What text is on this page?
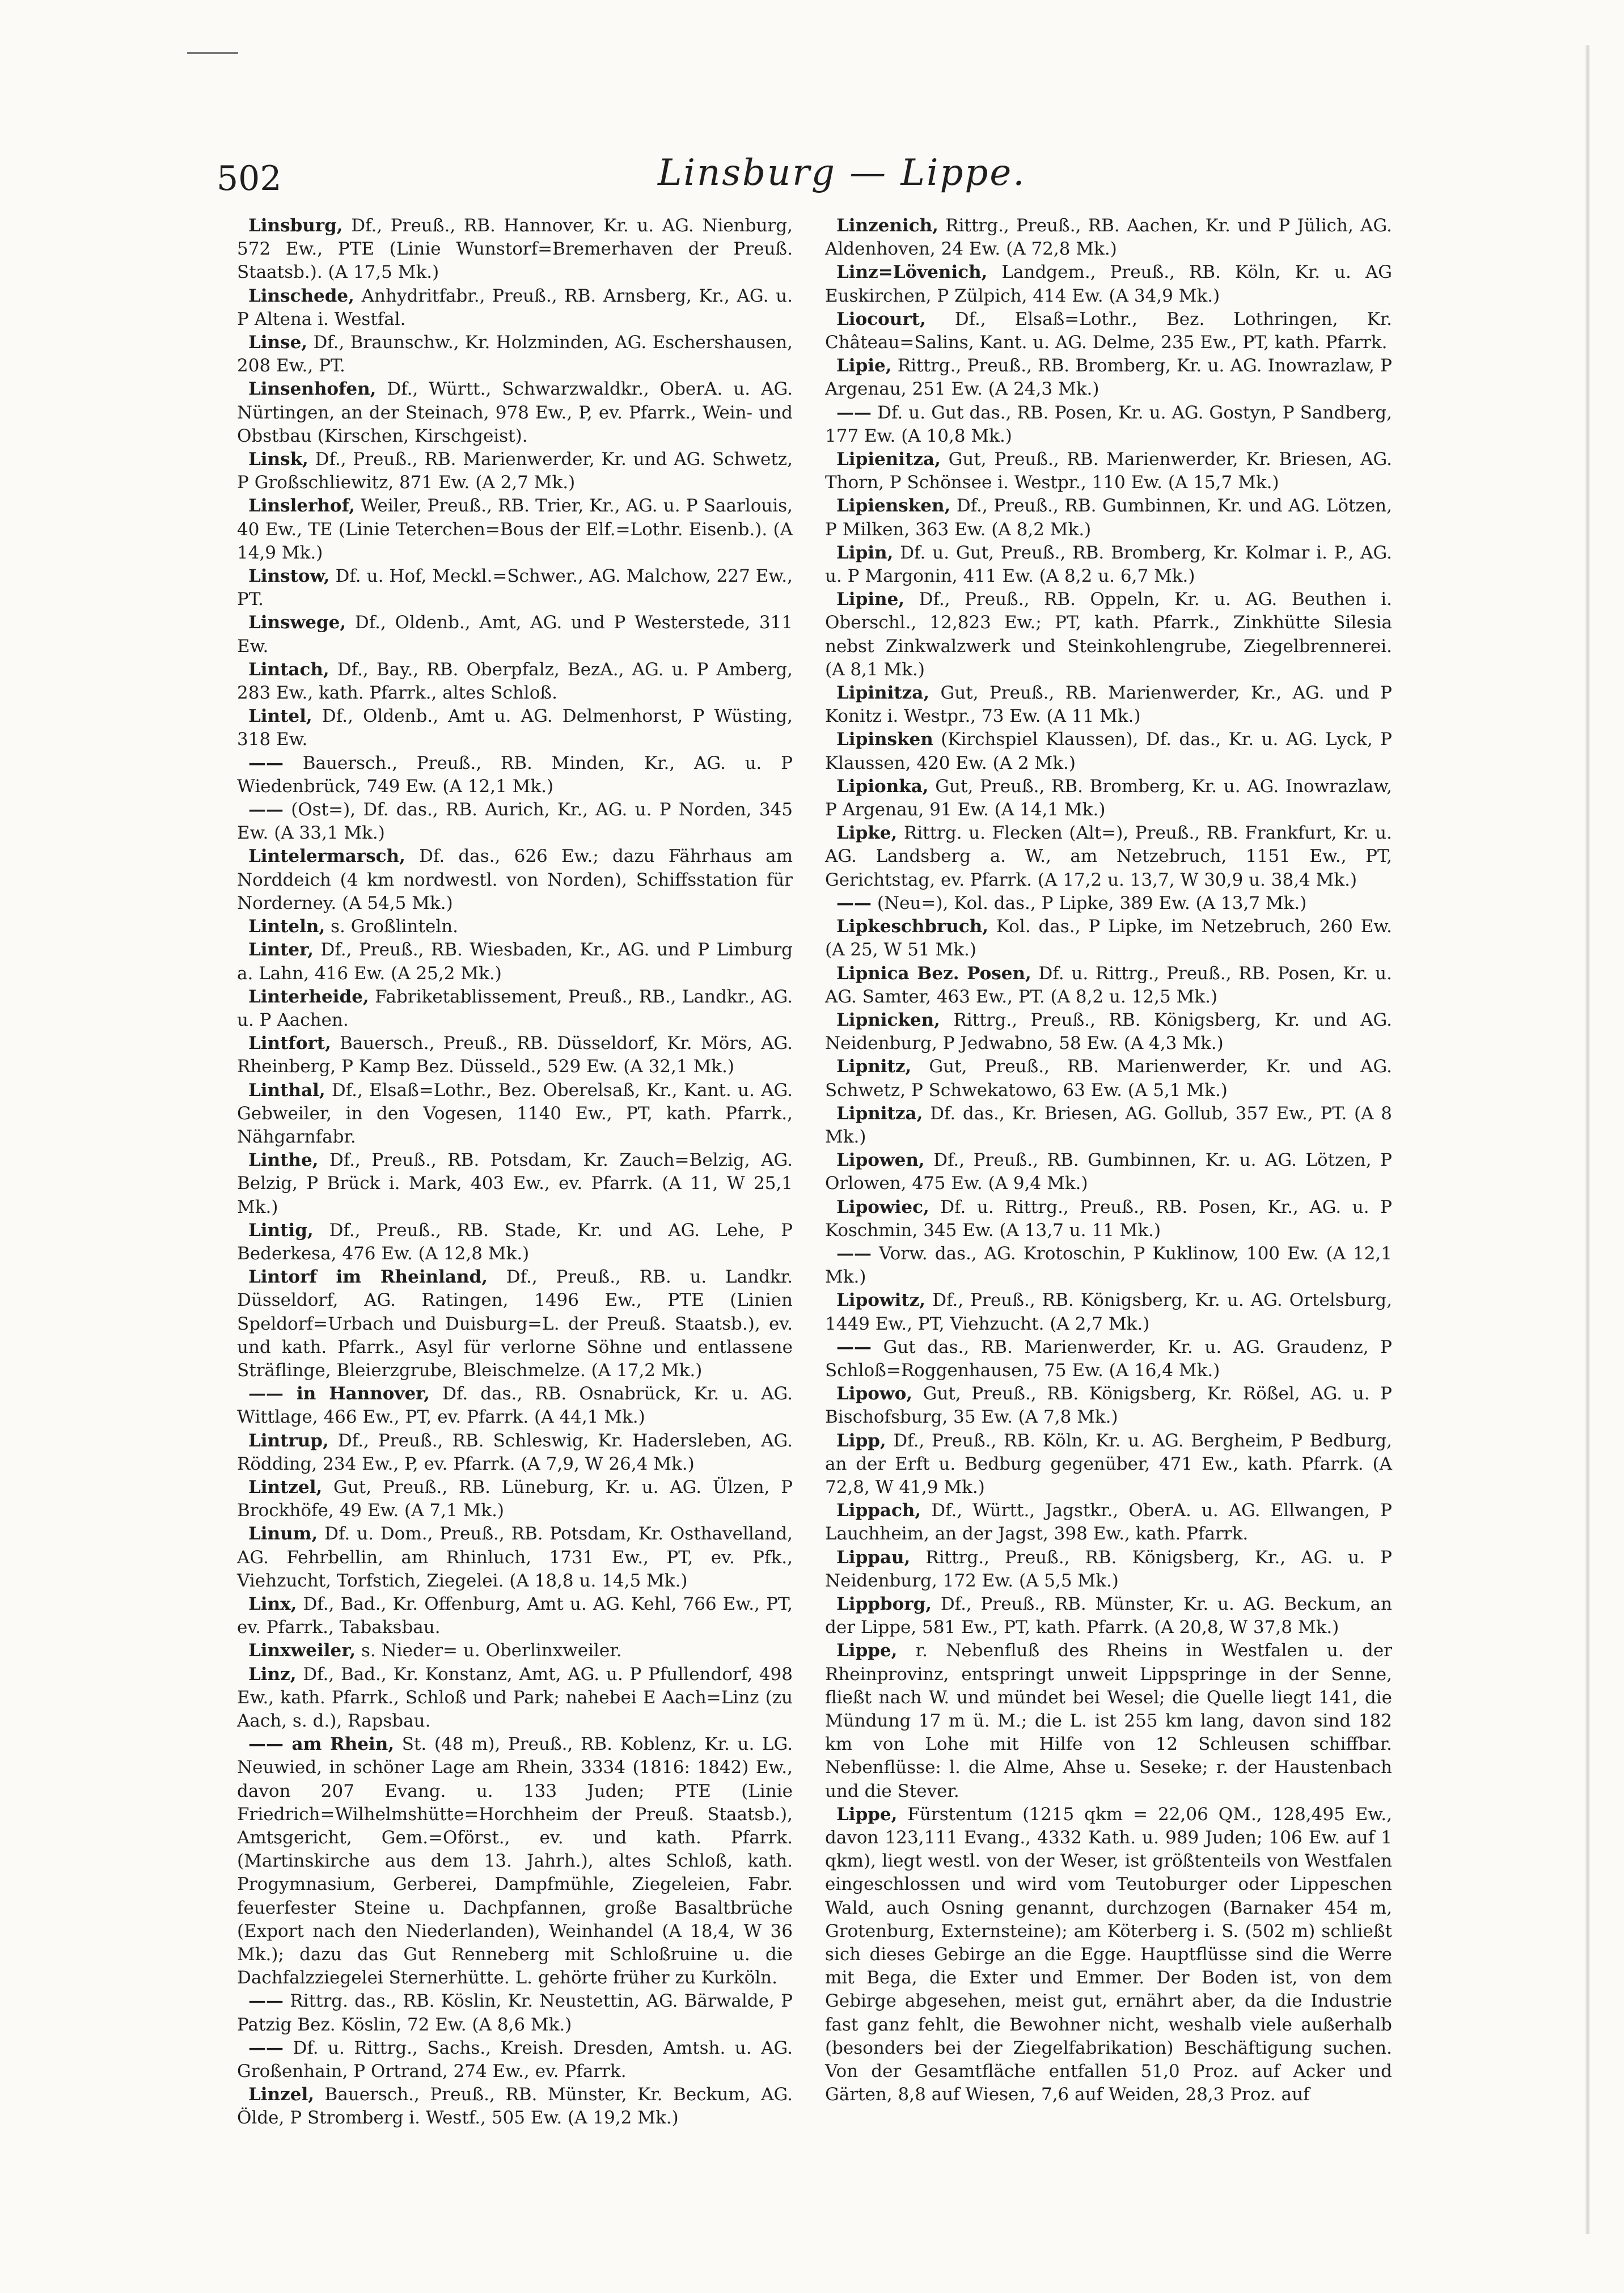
502	Linsburg — Lippe.

Linsburg, Df., Preuß., RB. Hannover, Kr. u. AG. Nienburg, 572 Ew., PTE (Linie Wunstorf=Bremerhaven der Preuß. Staatsb.). (A 17,5 Mk.)

Linschede, Anhydritfabr., Preuß., RB. Arnsberg, Kr., AG. u. P Altena i. Westfal.

Linse, Df., Braunschw., Kr. Holzminden, AG. Eschershausen, 208 Ew., PT.

Linsenhofen, Df., Württ., Schwarzwaldkr., OberA. u. AG. Nürtingen, an der Steinach, 978 Ew., P, ev. Pfarrk., Wein- und Obstbau (Kirschen, Kirschgeist).

Linsk, Df., Preuß., RB. Marienwerder, Kr. und AG. Schwetz, P Großschliewitz, 871 Ew. (A 2,7 Mk.)

Linslerhof, Weiler, Preuß., RB. Trier, Kr., AG. u. P Saarlouis, 40 Ew., TE (Linie Teterchen=Bous der Elf.=Lothr. Eisenb.). (A 14,9 Mk.)

Linstow, Df. u. Hof, Meckl.=Schwer., AG. Malchow, 227 Ew., PT.

Linswege, Df., Oldenb., Amt, AG. und P Westerstede, 311 Ew.

Lintach, Df., Bay., RB. Oberpfalz, BezA., AG. u. P Amberg, 283 Ew., kath. Pfarrk., altes Schloß.

Lintel, Df., Oldenb., Amt u. AG. Delmenhorst, P Wüsting, 318 Ew.

—— Bauersch., Preuß., RB. Minden, Kr., AG. u. P Wiedenbrück, 749 Ew. (A 12,1 Mk.)

—— (Ost=), Df. das., RB. Aurich, Kr., AG. u. P Norden, 345 Ew. (A 33,1 Mk.)

Lintelermarsch, Df. das., 626 Ew.; dazu Fährhaus am Norddeich (4 km nordwestl. von Norden), Schiffsstation für Norderney. (A 54,5 Mk.)

Linteln, s. Großlinteln.

Linter, Df., Preuß., RB. Wiesbaden, Kr., AG. und P Limburg a. Lahn, 416 Ew. (A 25,2 Mk.)

Linterheide, Fabriketablissement, Preuß., RB., Landkr., AG. u. P Aachen.

Lintfort, Bauersch., Preuß., RB. Düsseldorf, Kr. Mörs, AG. Rheinberg, P Kamp Bez. Düsseld., 529 Ew. (A 32,1 Mk.)

Linthal, Df., Elsaß=Lothr., Bez. Oberelsaß, Kr., Kant. u. AG. Gebweiler, in den Vogesen, 1140 Ew., PT, kath. Pfarrk., Nähgarnfabr.

Linthe, Df., Preuß., RB. Potsdam, Kr. Zauch=Belzig, AG. Belzig, P Brück i. Mark, 403 Ew., ev. Pfarrk. (A 11, W 25,1 Mk.)

Lintig, Df., Preuß., RB. Stade, Kr. und AG. Lehe, P Bederkesa, 476 Ew. (A 12,8 Mk.)

Lintorf im Rheinland, Df., Preuß., RB. u. Landkr. Düsseldorf, AG. Ratingen, 1496 Ew., PTE (Linien Speldorf=Urbach und Duisburg=L. der Preuß. Staatsb.), ev. und kath. Pfarrk., Asyl für verlorne Söhne und entlassene Sträflinge, Bleierzgrube, Bleischmelze. (A 17,2 Mk.)

—— in Hannover, Df. das., RB. Osnabrück, Kr. u. AG. Wittlage, 466 Ew., PT, ev. Pfarrk. (A 44,1 Mk.)

Lintrup, Df., Preuß., RB. Schleswig, Kr. Hadersleben, AG. Rödding, 234 Ew., P, ev. Pfarrk. (A 7,9, W 26,4 Mk.)

Lintzel, Gut, Preuß., RB. Lüneburg, Kr. u. AG. Ülzen, P Brockhöfe, 49 Ew. (A 7,1 Mk.)

Linum, Df. u. Dom., Preuß., RB. Potsdam, Kr. Osthavelland, AG. Fehrbellin, am Rhinluch, 1731 Ew., PT, ev. Pfk., Viehzucht, Torfstich, Ziegelei. (A 18,8 u. 14,5 Mk.)

Linx, Df., Bad., Kr. Offenburg, Amt u. AG. Kehl, 766 Ew., PT, ev. Pfarrk., Tabaksbau.

Linxweiler, s. Nieder= u. Oberlinxweiler.

Linz, Df., Bad., Kr. Konstanz, Amt, AG. u. P Pfullendorf, 498 Ew., kath. Pfarrk., Schloß und Park; nahebei E Aach=Linz (zu Aach, s. d.), Rapsbau.

—— am Rhein, St. (48 m), Preuß., RB. Koblenz, Kr. u. LG. Neuwied, in schöner Lage am Rhein, 3334 (1816: 1842) Ew., davon 207 Evang. u. 133 Juden; PTE (Linie Friedrich=Wilhelmshütte=Horchheim der Preuß. Staatsb.), Amtsgericht, Gem.=Oförst., ev. und kath. Pfarrk. (Martinskirche aus dem 13. Jahrh.), altes Schloß, kath. Progymnasium, Gerberei, Dampfmühle, Ziegeleien, Fabr. feuerfester Steine u. Dachpfannen, große Basaltbrüche (Export nach den Niederlanden), Weinhandel (A 18,4, W 36 Mk.); dazu das Gut Renneberg mit Schloßruine u. die Dachfalzziegelei Sternerhütte. L. gehörte früher zu Kurköln.

—— Rittrg. das., RB. Köslin, Kr. Neustettin, AG. Bärwalde, P Patzig Bez. Köslin, 72 Ew. (A 8,6 Mk.)

—— Df. u. Rittrg., Sachs., Kreish. Dresden, Amtsh. u. AG. Großenhain, P Ortrand, 274 Ew., ev. Pfarrk.

Linzel, Bauersch., Preuß., RB. Münster, Kr. Beckum, AG. Ölde, P Stromberg i. Westf., 505 Ew. (A 19,2 Mk.)

Linzenich, Rittrg., Preuß., RB. Aachen, Kr. und P Jülich, AG. Aldenhoven, 24 Ew. (A 72,8 Mk.)

Linz=Lövenich, Landgem., Preuß., RB. Köln, Kr. u. AG Euskirchen, P Zülpich, 414 Ew. (A 34,9 Mk.)

Liocourt, Df., Elsaß=Lothr., Bez. Lothringen, Kr. Château=Salins, Kant. u. AG. Delme, 235 Ew., PT, kath. Pfarrk.

Lipie, Rittrg., Preuß., RB. Bromberg, Kr. u. AG. Inowrazlaw, P Argenau, 251 Ew. (A 24,3 Mk.)

—— Df. u. Gut das., RB. Posen, Kr. u. AG. Gostyn, P Sandberg, 177 Ew. (A 10,8 Mk.)

Lipienitza, Gut, Preuß., RB. Marienwerder, Kr. Briesen, AG. Thorn, P Schönsee i. Westpr., 110 Ew. (A 15,7 Mk.)

Lipiensken, Df., Preuß., RB. Gumbinnen, Kr. und AG. Lötzen, P Milken, 363 Ew. (A 8,2 Mk.)

Lipin, Df. u. Gut, Preuß., RB. Bromberg, Kr. Kolmar i. P., AG. u. P Margonin, 411 Ew. (A 8,2 u. 6,7 Mk.)

Lipine, Df., Preuß., RB. Oppeln, Kr. u. AG. Beuthen i. Oberschl., 12,823 Ew.; PT, kath. Pfarrk., Zinkhütte Silesia nebst Zinkwalzwerk und Steinkohlengrube, Ziegelbrennerei. (A 8,1 Mk.)

Lipinitza, Gut, Preuß., RB. Marienwerder, Kr., AG. und P Konitz i. Westpr., 73 Ew. (A 11 Mk.)

Lipinsken (Kirchspiel Klaussen), Df. das., Kr. u. AG. Lyck, P Klaussen, 420 Ew. (A 2 Mk.)

Lipionka, Gut, Preuß., RB. Bromberg, Kr. u. AG. Inowrazlaw, P Argenau, 91 Ew. (A 14,1 Mk.)

Lipke, Rittrg. u. Flecken (Alt=), Preuß., RB. Frankfurt, Kr. u. AG. Landsberg a. W., am Netzebruch, 1151 Ew., PT, Gerichtstag, ev. Pfarrk. (A 17,2 u. 13,7, W 30,9 u. 38,4 Mk.)

—— (Neu=), Kol. das., P Lipke, 389 Ew. (A 13,7 Mk.)

Lipkeschbruch, Kol. das., P Lipke, im Netzebruch, 260 Ew. (A 25, W 51 Mk.)

Lipnica Bez. Posen, Df. u. Rittrg., Preuß., RB. Posen, Kr. u. AG. Samter, 463 Ew., PT. (A 8,2 u. 12,5 Mk.)

Lipnicken, Rittrg., Preuß., RB. Königsberg, Kr. und AG. Neidenburg, P Jedwabno, 58 Ew. (A 4,3 Mk.)

Lipnitz, Gut, Preuß., RB. Marienwerder, Kr. und AG. Schwetz, P Schwekatowo, 63 Ew. (A 5,1 Mk.)

Lipnitza, Df. das., Kr. Briesen, AG. Gollub, 357 Ew., PT. (A 8 Mk.)

Lipowen, Df., Preuß., RB. Gumbinnen, Kr. u. AG. Lötzen, P Orlowen, 475 Ew. (A 9,4 Mk.)

Lipowiec, Df. u. Rittrg., Preuß., RB. Posen, Kr., AG. u. P Koschmin, 345 Ew. (A 13,7 u. 11 Mk.)

—— Vorw. das., AG. Krotoschin, P Kuklinow, 100 Ew. (A 12,1 Mk.)

Lipowitz, Df., Preuß., RB. Königsberg, Kr. u. AG. Ortelsburg, 1449 Ew., PT, Viehzucht. (A 2,7 Mk.)

—— Gut das., RB. Marienwerder, Kr. u. AG. Graudenz, P Schloß=Roggenhausen, 75 Ew. (A 16,4 Mk.)

Lipowo, Gut, Preuß., RB. Königsberg, Kr. Rößel, AG. u. P Bischofsburg, 35 Ew. (A 7,8 Mk.)

Lipp, Df., Preuß., RB. Köln, Kr. u. AG. Bergheim, P Bedburg, an der Erft u. Bedburg gegenüber, 471 Ew., kath. Pfarrk. (A 72,8, W 41,9 Mk.)

Lippach, Df., Württ., Jagstkr., OberA. u. AG. Ellwangen, P Lauchheim, an der Jagst, 398 Ew., kath. Pfarrk.

Lippau, Rittrg., Preuß., RB. Königsberg, Kr., AG. u. P Neidenburg, 172 Ew. (A 5,5 Mk.)

Lippborg, Df., Preuß., RB. Münster, Kr. u. AG. Beckum, an der Lippe, 581 Ew., PT, kath. Pfarrk. (A 20,8, W 37,8 Mk.)

Lippe, r. Nebenfluß des Rheins in Westfalen u. der Rheinprovinz, entspringt unweit Lippspringe in der Senne, fließt nach W. und mündet bei Wesel; die Quelle liegt 141, die Mündung 17 m ü. M.; die L. ist 255 km lang, davon sind 182 km von Lohe mit Hilfe von 12 Schleusen schiffbar. Nebenflüsse: l. die Alme, Ahse u. Seseke; r. der Haustenbach und die Stever.

Lippe, Fürstentum (1215 qkm = 22,06 QM., 128,495 Ew., davon 123,111 Evang., 4332 Kath. u. 989 Juden; 106 Ew. auf 1 qkm), liegt westl. von der Weser, ist größtenteils von Westfalen eingeschlossen und wird vom Teutoburger oder Lippeschen Wald, auch Osning genannt, durchzogen (Barnaker 454 m, Grotenburg, Externsteine); am Köterberg i. S. (502 m) schließt sich dieses Gebirge an die Egge. Hauptflüsse sind die Werre mit Bega, die Exter und Emmer. Der Boden ist, von dem Gebirge abgesehen, meist gut, ernährt aber, da die Industrie fast ganz fehlt, die Bewohner nicht, weshalb viele außerhalb (besonders bei der Ziegelfabrikation) Beschäftigung suchen. Von der Gesamtfläche entfallen 51,0 Proz. auf Acker und Gärten, 8,8 auf Wiesen, 7,6 auf Weiden, 28,3 Proz. auf
